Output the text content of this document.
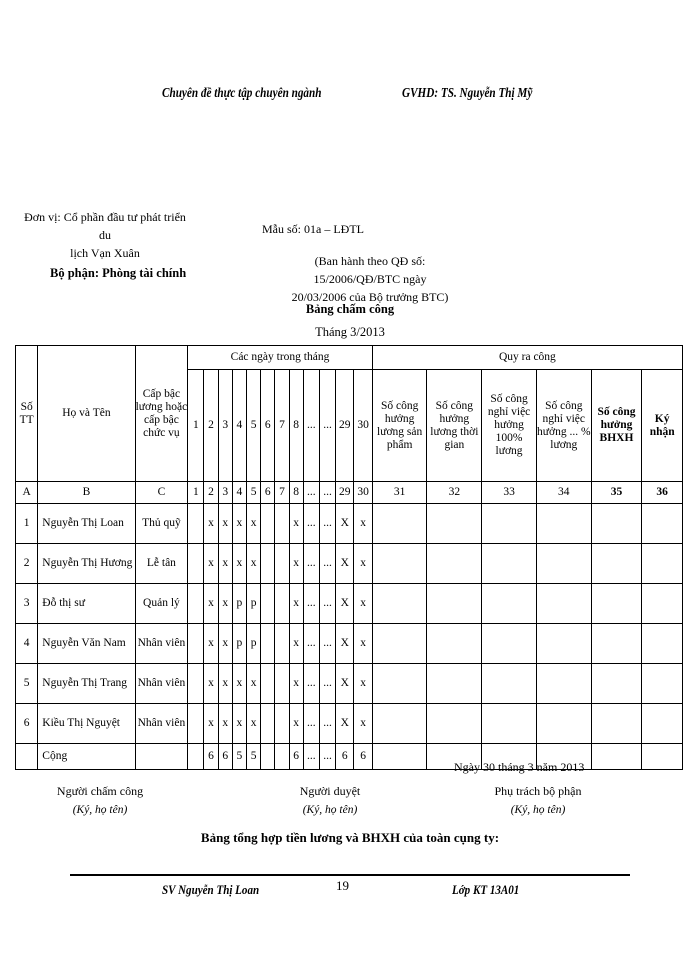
Chuyên đề thực tập chuyên ngành	GVHD: TS. Nguyễn Thị Mỹ
Đơn vị: Cổ phần đầu tư phát triển du
lịch Vạn Xuân
Bộ phận: Phòng tài chính
Mẫu số: 01a – LĐTL
(Ban hành theo QĐ số: 15/2006/QĐ/BTC ngày
20/03/2006 của Bộ trưởng BTC)
Bảng chấm công
Tháng 3/2013
Số TT	Họ và Tên	Cấp bậc lương hoặc cấp bậc chức vụ	Các ngày trong tháng												Quy ra công					
			1	2	3	4	5	6	7	8	...	...	29	30	Số công hưởng lương sản phẩm	Số công hưởng lương thời gian	Số công nghỉ việc hưởng 100% lương	Số công nghỉ việc hưởng ... % lương	Số công hưởng BHXH	Ký nhận
A	B	C	1	2	3	4	5	6	7	8	...	...	29	30	31	32	33	34	35	36
1	Nguyễn Thị Loan	Thủ quỹ		x	x	x	x			x	...	...	X	x						
2	Nguyễn Thị Hương	Lễ tân		x	x	x	x			x	...	...	X	x						
3	Đỗ thị sư	Quản lý		x	x	p	p			x	...	...	X	x						
4	Nguyễn Văn Nam	Nhân viên		x	x	p	p			x	...	...	X	x						
5	Nguyễn Thị Trang	Nhân viên		x	x	x	x			x	...	...	X	x						
6	Kiều Thị Nguyệt	Nhân viên		x	x	x	x			x	...	...	X	x						
	Cộng			6	6	5	5			6	...	...	6	6						
Ngày 30 tháng 3 năm 2013
Người chấm công
(Ký, họ tên)
Người duyệt
(Ký, họ tên)
Phụ trách bộ phận
(Ký, họ tên)
Bảng tổng hợp tiền lương và BHXH của toàn cụng ty:
SV Nguyễn Thị Loan	19	Lớp KT 13A01
